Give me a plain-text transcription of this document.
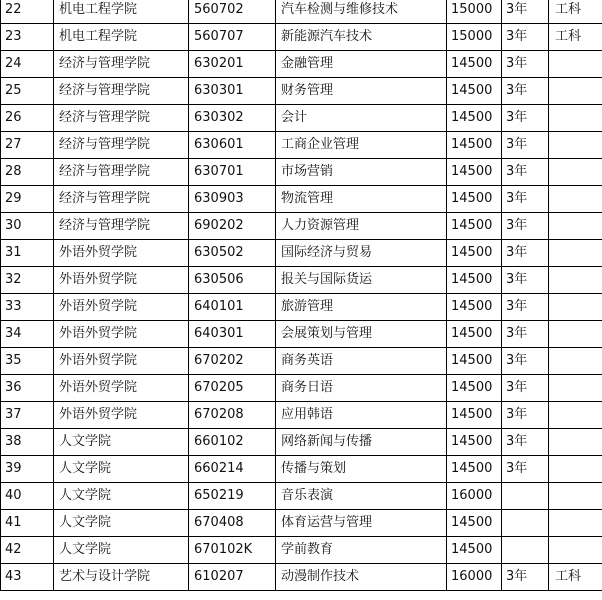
22	机电工程学院	560702	汽车检测与维修技术	15000	3年	工科
23	机电工程学院	560707	新能源汽车技术	15000	3年	工科
24	经济与管理学院	630201	金融管理	14500	3年	
25	经济与管理学院	630301	财务管理	14500	3年	
26	经济与管理学院	630302	会计	14500	3年	
27	经济与管理学院	630601	工商企业管理	14500	3年	
28	经济与管理学院	630701	市场营销	14500	3年	
29	经济与管理学院	630903	物流管理	14500	3年	
30	经济与管理学院	690202	人力资源管理	14500	3年	
31	外语外贸学院	630502	国际经济与贸易	14500	3年	
32	外语外贸学院	630506	报关与国际货运	14500	3年	
33	外语外贸学院	640101	旅游管理	14500	3年	
34	外语外贸学院	640301	会展策划与管理	14500	3年	
35	外语外贸学院	670202	商务英语	14500	3年	
36	外语外贸学院	670205	商务日语	14500	3年	
37	外语外贸学院	670208	应用韩语	14500	3年	
38	人文学院	660102	网络新闻与传播	14500	3年	
39	人文学院	660214	传播与策划	14500	3年	
40	人文学院	650219	音乐表演	16000		
41	人文学院	670408	体育运营与管理	14500		
42	人文学院	670102K	学前教育	14500		
43	艺术与设计学院	610207	动漫制作技术	16000	3年	工科
